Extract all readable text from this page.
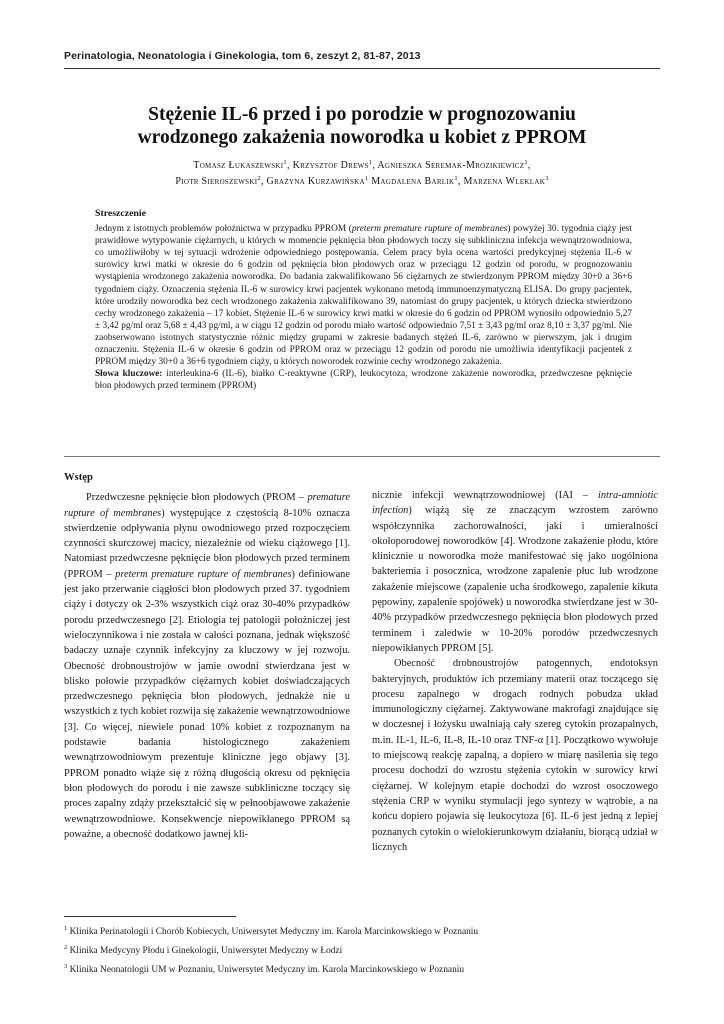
Perinatologia, Neonatologia i Ginekologia, tom 6, zeszyt 2, 81-87, 2013
Stężenie IL-6 przed i po porodzie w prognozowaniu
wrodzonego zakażenia noworodka u kobiet z PPROM
Tomasz Łukaszewski$^1$, Krzysztof Drews$^1$, Agnieszka Seremak-Mrozikiewicz$^1$,
Piotr Sieroszewski$^2$, Grażyna Kurzawińska$^1$ Magdalena Barlik$^1$, Marzena Wleklak$^3$
Streszczenie

Jednym z istotnych problemów położnictwa w przypadku PPROM (preterm premature rupture of membranes) powyżej 30. tygodnia ciąży jest prawidłowe wytypowanie ciężarnych, u których w momencie pęknięcia błon płodowych toczy się subkliniczna infekcja wewnątrzowodniowa, co umożliwiłoby w tej sytuacji wdrożenie odpowiedniego postępowania. Celem pracy była ocena wartości predykcyjnej stężenia IL-6 w surowicy krwi matki w okresie do 6 godzin od pęknięcia błon płodowych oraz w przeciągu 12 godzin od porodu, w prognozowaniu wystąpienia wrodzonego zakażenia noworodka. Do badania zakwalifikowano 56 ciężarnych ze stwierdzonym PPROM między 30+0 a 36+6 tygodniem ciąży. Oznaczenia stężenia IL-6 w surowicy krwi pacjentek wykonano metodą immunoenzymatyczną ELISA. Do grupy pacjentek, które urodziły noworodka bez cech wrodzonego zakażenia zakwalifikowano 39, natomiast do grupy pacjentek, u których dziecka stwierdzono cechy wrodzonego zakażenia – 17 kobiet. Stężenie IL-6 w surowicy krwi matki w okresie do 6 godzin od PPROM wynosiło odpowiednio 5,27 ± 3,42 pg/ml oraz 5,68 ± 4,43 pg/ml, a w ciągu 12 godzin od porodu miało wartość odpowiednio 7,51 ± 3,43 pg/ml oraz 8,10 ± 3,37 pg/ml. Nie zaobserwowano istotnych statystycznie różnic między grupami w zakresie badanych stężeń IL-6, zarówno w pierwszym, jak i drugim oznaczeniu. Stężenia IL-6 w okresie 6 godzin od PPROM oraz w przeciągu 12 godzin od porodu nie umożliwia identyfikacji pacjentek z PPROM między 30+0 a 36+6 tygodniem ciąży, u których noworodek rozwinie cechy wrodzonego zakażenia.

Słowa kluczowe: interleukina-6 (IL-6), białko C-reaktywne (CRP), leukocytoza, wrodzone zakażenie noworodka, przedwczesne pęknięcie błon płodowych przed terminem (PPROM)

Wstęp

Przedwczesne pęknięcie błon płodowych (PROM – premature rupture of membranes) występujące z częstością 8-10% oznacza stwierdzenie odpływania płynu owodniowego przed rozpoczęciem czynności skurczowej macicy, niezależnie od wieku ciążowego [1]. Natomiast przedwczesne pęknięcie błon płodowych przed terminem (PPROM – preterm premature rupture of membranes) definiowane jest jako przerwanie ciągłości błon płodowych przed 37. tygodniem ciąży i dotyczy ok 2-3% wszystkich ciąż oraz 30-40% przypadków porodu przedwczesnego [2]. Etiologia tej patologii położniczej jest wieloczynnikowa i nie została w całości poznana, jednak większość badaczy uznaje czynnik infekcyjny za kluczowy w jej rozwoju. Obecność drobnoustrojów w jamie owodni stwierdzana jest w blisko połowie przypadków ciężarnych kobiet doświadczających przedwczesnego pęknięcia błon płodowych, jednakże nie u wszystkich z tych kobiet rozwija się zakażenie wewnątrzowodniowe [3]. Co więcej, niewiele ponad 10% kobiet z rozpoznanym na podstawie badania histologicznego zakażeniem wewnątrzowodniowym prezentuje kliniczne jego objawy [3]. PPROM ponadto wiąże się z różną długością okresu od pęknięcia błon płodowych do porodu i nie zawsze subkliniczne toczący się proces zapalny zdąży przekształcić się w pełnoobjawowe zakażenie wewnątrzowodniowe. Konsekwencje niepowikłanego PPROM są poważne, a obecność dodatkowo jawnej kli-

nicznie infekcji wewnątrzowodniowej (IAI – intra-amniotic infection) wiążą się ze znaczącym wzrostem zarówno współczynnika zachorowalności, jaki i umieralności okołoporodowej noworodków [4]. Wrodzone zakażenie płodu, które klinicznie u noworodka może manifestować się jako uogólniona bakteriemia i posocznica, wrodzone zapalenie płuc lub wrodzone zakażenie miejscowe (zapalenie ucha środkowego, zapalenie kikuta pępowiny, zapalenie spojówek) u noworodka stwierdzane jest w 30-40% przypadków przedwczesnego pęknięcia błon płodowych przed terminem i zaledwie w 10-20% porodów przedwczesnych niepowikłanych PPROM [5].

Obecność drobnoustrojów patogennych, endotoksyn bakteryjnych, produktów ich przemiany materii oraz toczącego się procesu zapalnego w drogach rodnych pobudza układ immunologiczny ciężarnej. Zaktywowane makrofagi znajdujące się w doczesnej i łożysku uwalniają cały szereg cytokin prozapalnych, m.in. IL-1, IL-6, IL-8, IL-10 oraz TNF-α [1]. Początkowo wywołuje to miejscową reakcję zapalną, a dopiero w miarę nasilenia się tego procesu dochodzi do wzrostu stężenia cytokin w surowicy krwi ciężarnej. W kolejnym etapie dochodzi do wzrost osoczowego stężenia CRP w wyniku stymulacji jego syntezy w wątrobie, a na końcu dopiero pojawia się leukocytoza [6]. IL-6 jest jedną z lepiej poznanych cytokin o wielokierunkowym działaniu, biorącą udział w licznych

$^1$ Klinika Perinatologii i Chorób Kobiecych, Uniwersytet Medyczny im. Karola Marcinkowskiego w Poznaniu
$^2$ Klinika Medycyny Płodu i Ginekologii, Uniwersytet Medyczny w Łodzi
$^3$ Klinika Neonatologii UM w Poznaniu, Uniwersytet Medyczny im. Karola Marcinkowskiego w Poznaniu
